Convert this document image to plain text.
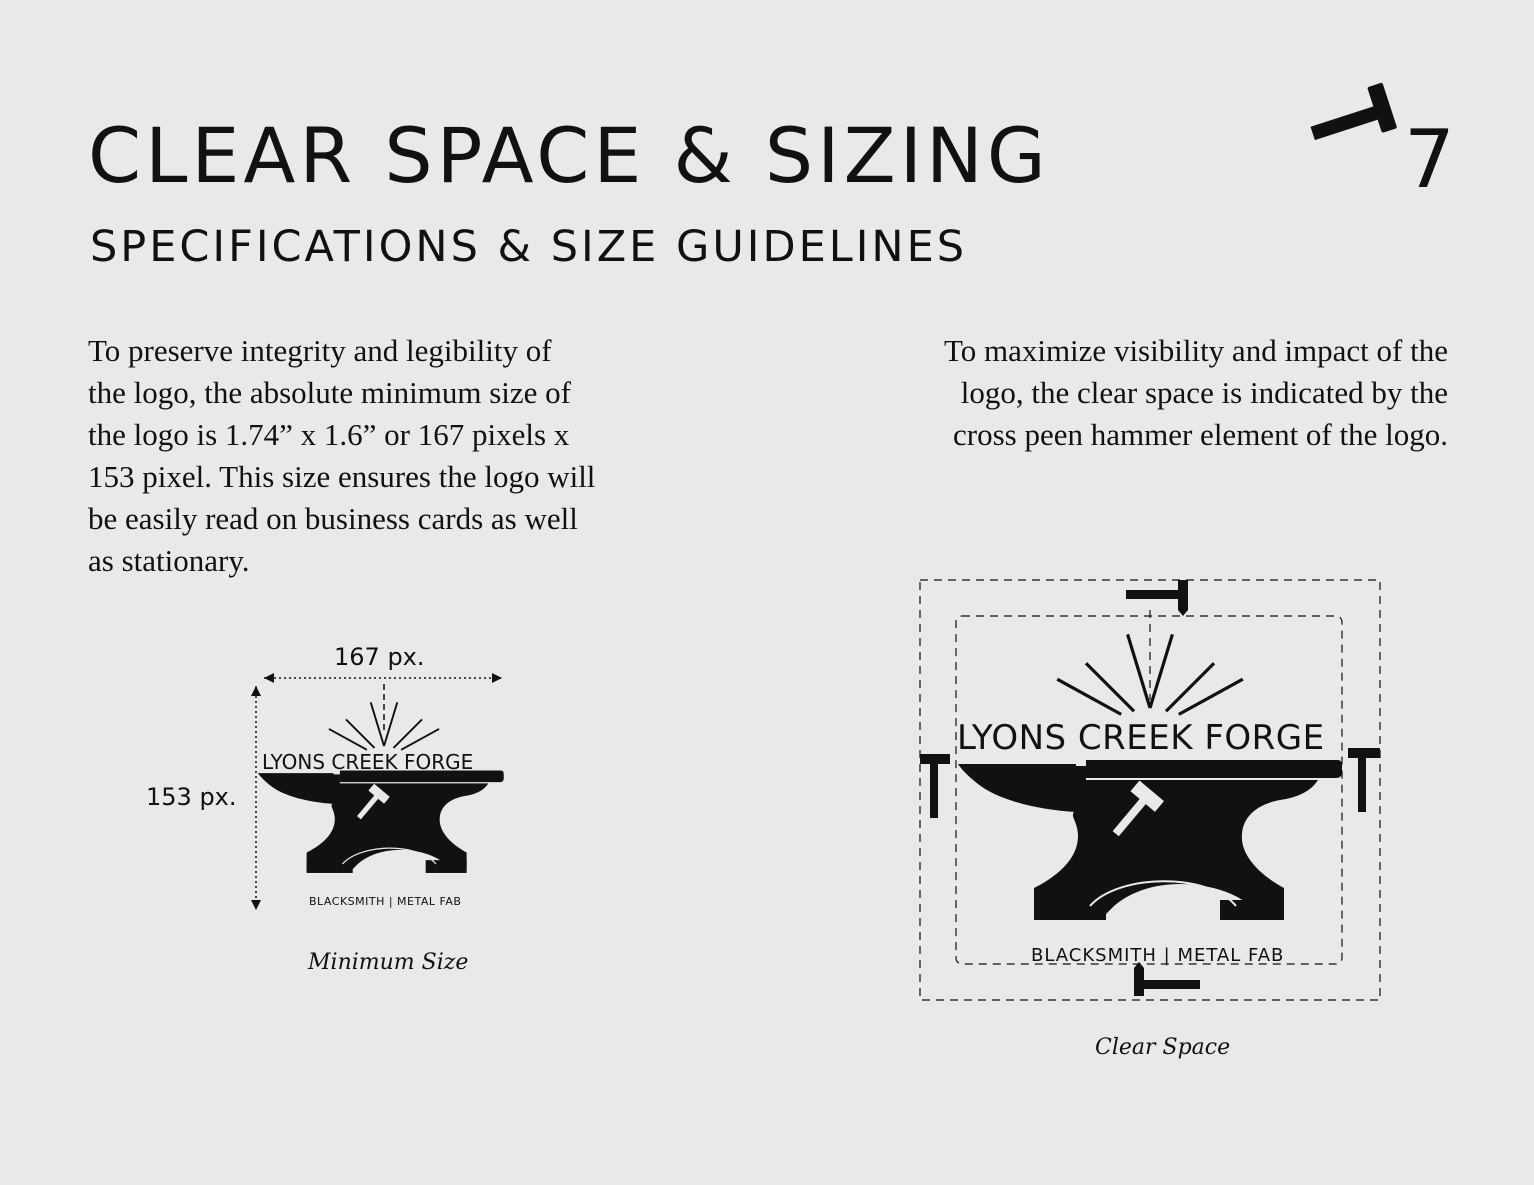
CLEAR SPACE & SIZING
SPECIFICATIONS & SIZE GUIDELINES
7
To preserve integrity and legibility of
the logo, the absolute minimum size of
the logo is 1.74” x 1.6” or 167 pixels x
153 pixel. This size ensures the logo will
be easily read on business cards as well
as stationary.
To maximize visibility and impact of the
logo, the clear space is indicated by the
cross peen hammer element of the logo.
167 px.
153 px.
LYONS CREEK FORGE
est. 2020
BLACKSMITH | METAL FAB
Minimum Size
LYONS CREEK FORGE
est. 2020
BLACKSMITH | METAL FAB
Clear Space
